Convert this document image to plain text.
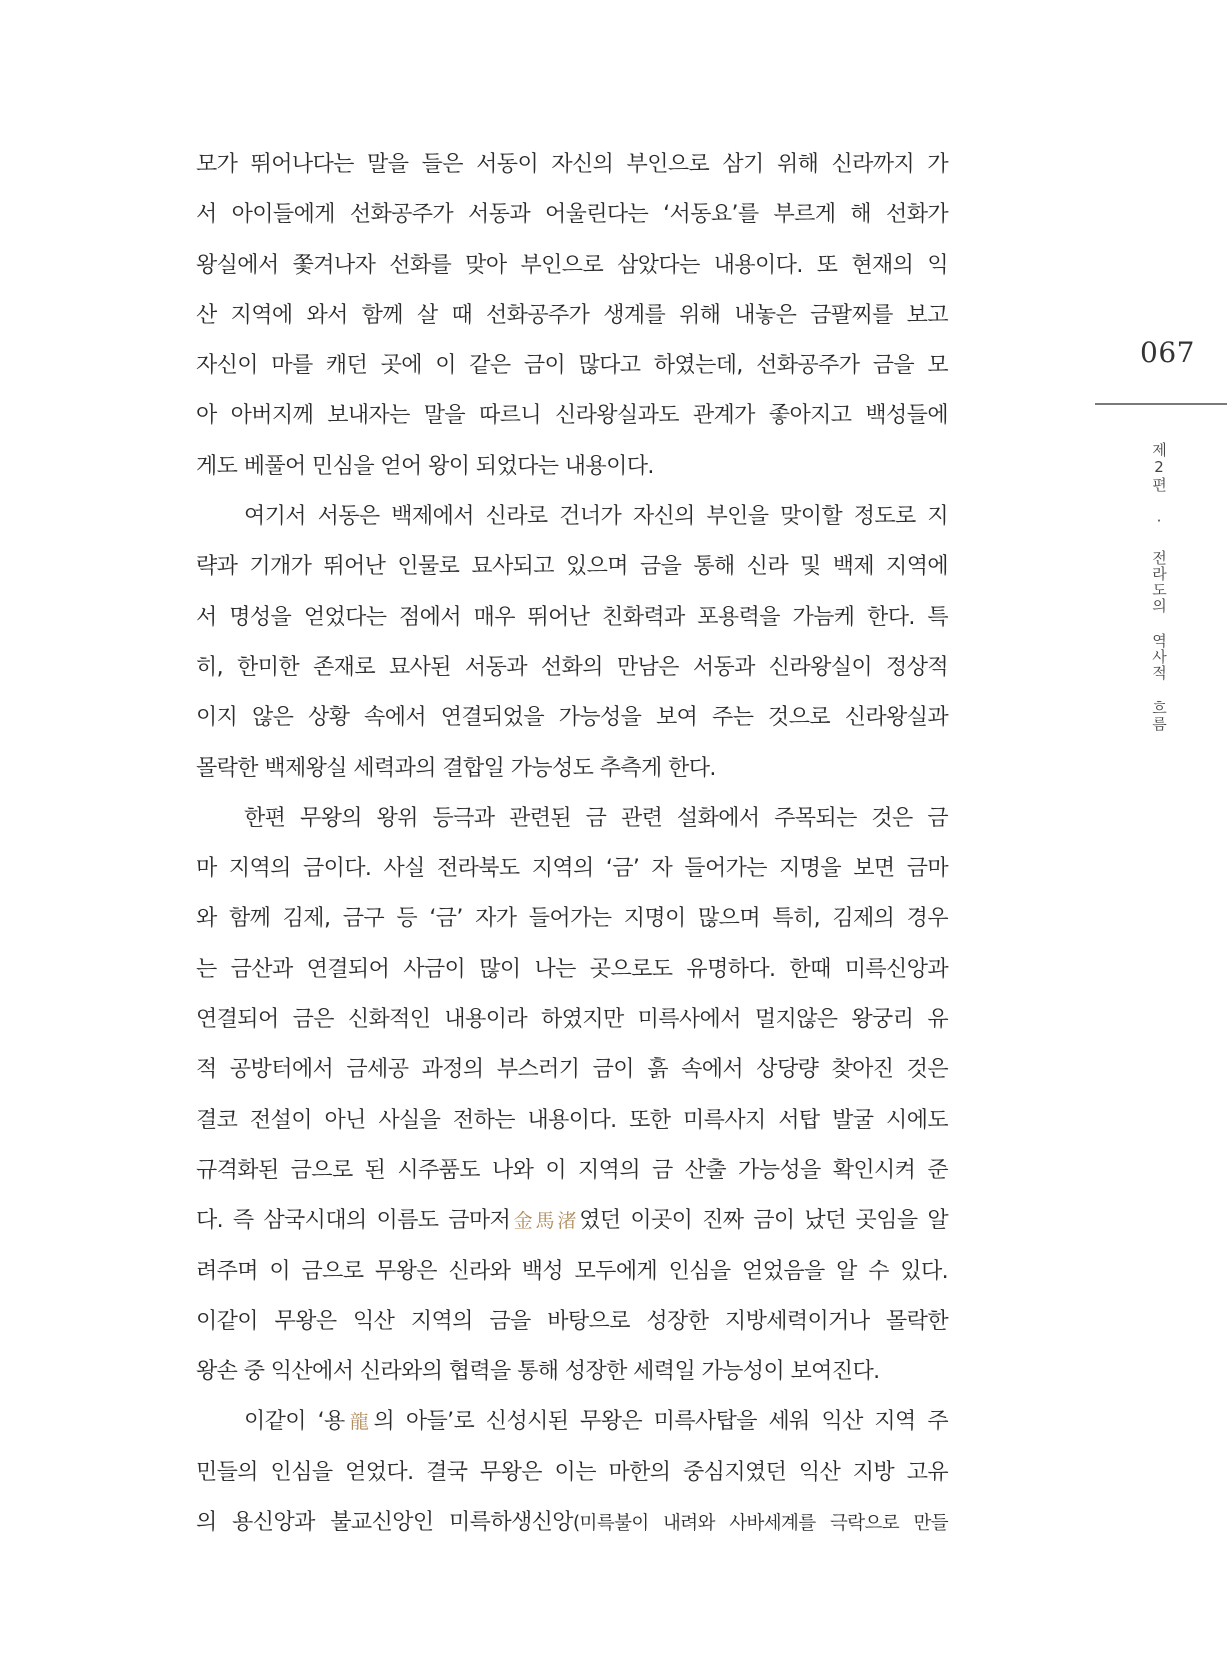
모가 뛰어나다는 말을 들은 서동이 자신의 부인으로 삼기 위해 신라까지 가
서 아이들에게 선화공주가 서동과 어울린다는 ‘서동요’를 부르게 해 선화가
왕실에서 쫓겨나자 선화를 맞아 부인으로 삼았다는 내용이다. 또 현재의 익
산 지역에 와서 함께 살 때 선화공주가 생계를 위해 내놓은 금팔찌를 보고
자신이 마를 캐던 곳에 이 같은 금이 많다고 하였는데, 선화공주가 금을 모
아 아버지께 보내자는 말을 따르니 신라왕실과도 관계가 좋아지고 백성들에
게도 베풀어 민심을 얻어 왕이 되었다는 내용이다.
여기서 서동은 백제에서 신라로 건너가 자신의 부인을 맞이할 정도로 지
략과 기개가 뛰어난 인물로 묘사되고 있으며 금을 통해 신라 및 백제 지역에
서 명성을 얻었다는 점에서 매우 뛰어난 친화력과 포용력을 가늠케 한다. 특
히, 한미한 존재로 묘사된 서동과 선화의 만남은 서동과 신라왕실이 정상적
이지 않은 상황 속에서 연결되었을 가능성을 보여 주는 것으로 신라왕실과
몰락한 백제왕실 세력과의 결합일 가능성도 추측게 한다.
한편 무왕의 왕위 등극과 관련된 금 관련 설화에서 주목되는 것은 금
마 지역의 금이다. 사실 전라북도 지역의 ‘금’ 자 들어가는 지명을 보면 금마
와 함께 김제, 금구 등 ‘금’ 자가 들어가는 지명이 많으며 특히, 김제의 경우
는 금산과 연결되어 사금이 많이 나는 곳으로도 유명하다. 한때 미륵신앙과
연결되어 금은 신화적인 내용이라 하였지만 미륵사에서 멀지않은 왕궁리 유
적 공방터에서 금세공 과정의 부스러기 금이 흙 속에서 상당량 찾아진 것은
결코 전설이 아닌 사실을 전하는 내용이다. 또한 미륵사지 서탑 발굴 시에도
규격화된 금으로 된 시주품도 나와 이 지역의 금 산출 가능성을 확인시켜 준
다. 즉 삼국시대의 이름도 금마저金馬渚였던 이곳이 진짜 금이 났던 곳임을 알
려주며 이 금으로 무왕은 신라와 백성 모두에게 인심을 얻었음을 알 수 있다.
이같이 무왕은 익산 지역의 금을 바탕으로 성장한 지방세력이거나 몰락한
왕손 중 익산에서 신라와의 협력을 통해 성장한 세력일 가능성이 보여진다.
이같이 ‘용龍의 아들’로 신성시된 무왕은 미륵사탑을 세워 익산 지역 주
민들의 인심을 얻었다. 결국 무왕은 이는 마한의 중심지였던 익산 지방 고유
의 용신앙과 불교신앙인 미륵하생신앙(미륵불이 내려와 사바세계를 극락으로 만들
067
제2편 · 전라도의 역사적 흐름
